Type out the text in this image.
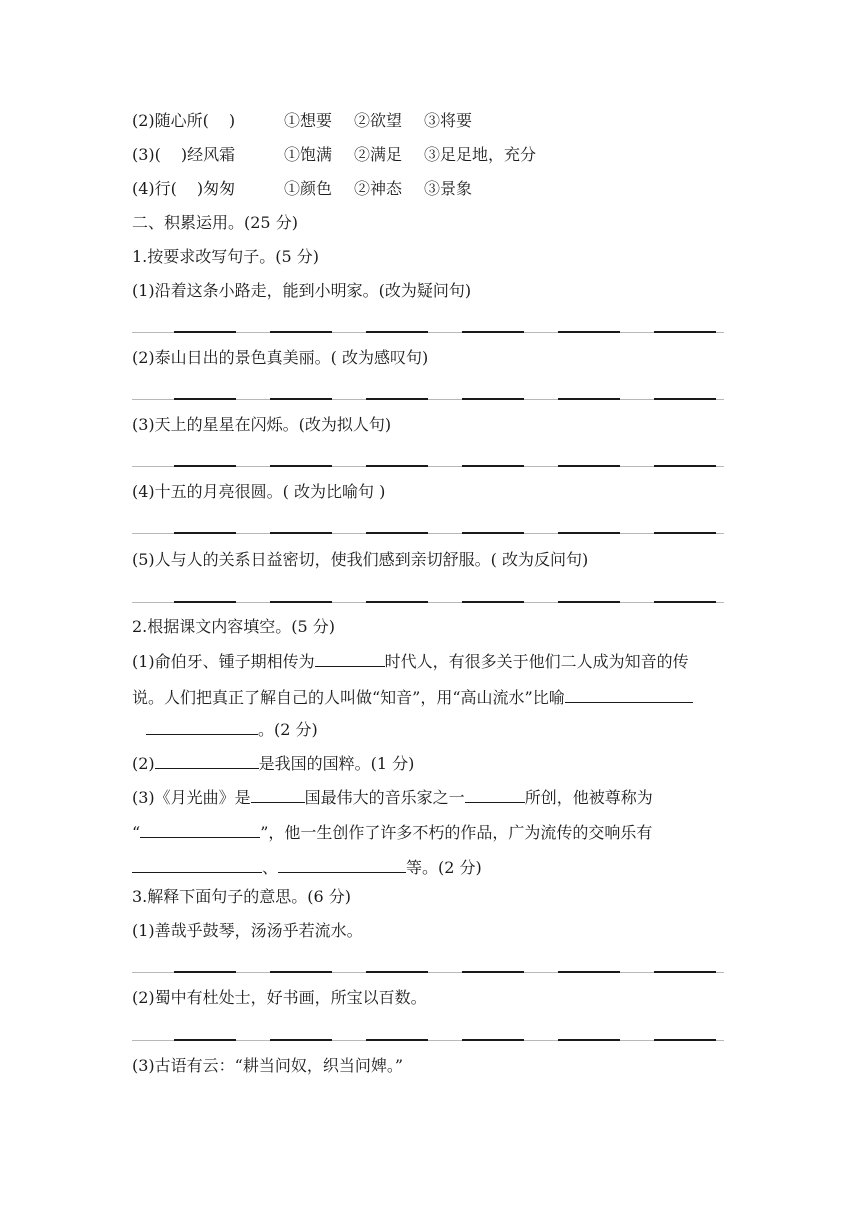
(2)随心所( )	①想要 ②欲望 ③将要
(3)( )经风霜	①饱满 ②满足 ③足足地，充分
(4)行( )匆匆	①颜色 ②神态 ③景象
二、积累运用。(25 分)
1.按要求改写句子。(5 分)
(1)沿着这条小路走，能到小明家。(改为疑问句)
(2)泰山日出的景色真美丽。( 改为感叹句)
(3)天上的星星在闪烁。(改为拟人句)
(4)十五的月亮很圆。( 改为比喻句 )
(5)人与人的关系日益密切，使我们感到亲切舒服。( 改为反问句)
2.根据课文内容填空。(5 分)
(1)俞伯牙、锺子期相传为	时代人，有很多关于他们二人成为知音的传
说。人们把真正了解自己的人叫做“知音”，用“高山流水”比喻
。(2 分)
(2)	是我国的国粹。(1 分)
(3)《月光曲》是	国最伟大的音乐家之一	所创，他被尊称为
“	”，他一生创作了许多不朽的作品，广为流传的交响乐有
、	等。(2 分)
3.解释下面句子的意思。(6 分)
(1)善哉乎鼓琴，汤汤乎若流水。
(2)蜀中有杜处士，好书画，所宝以百数。
(3)古语有云：“耕当问奴，织当问婢。”
